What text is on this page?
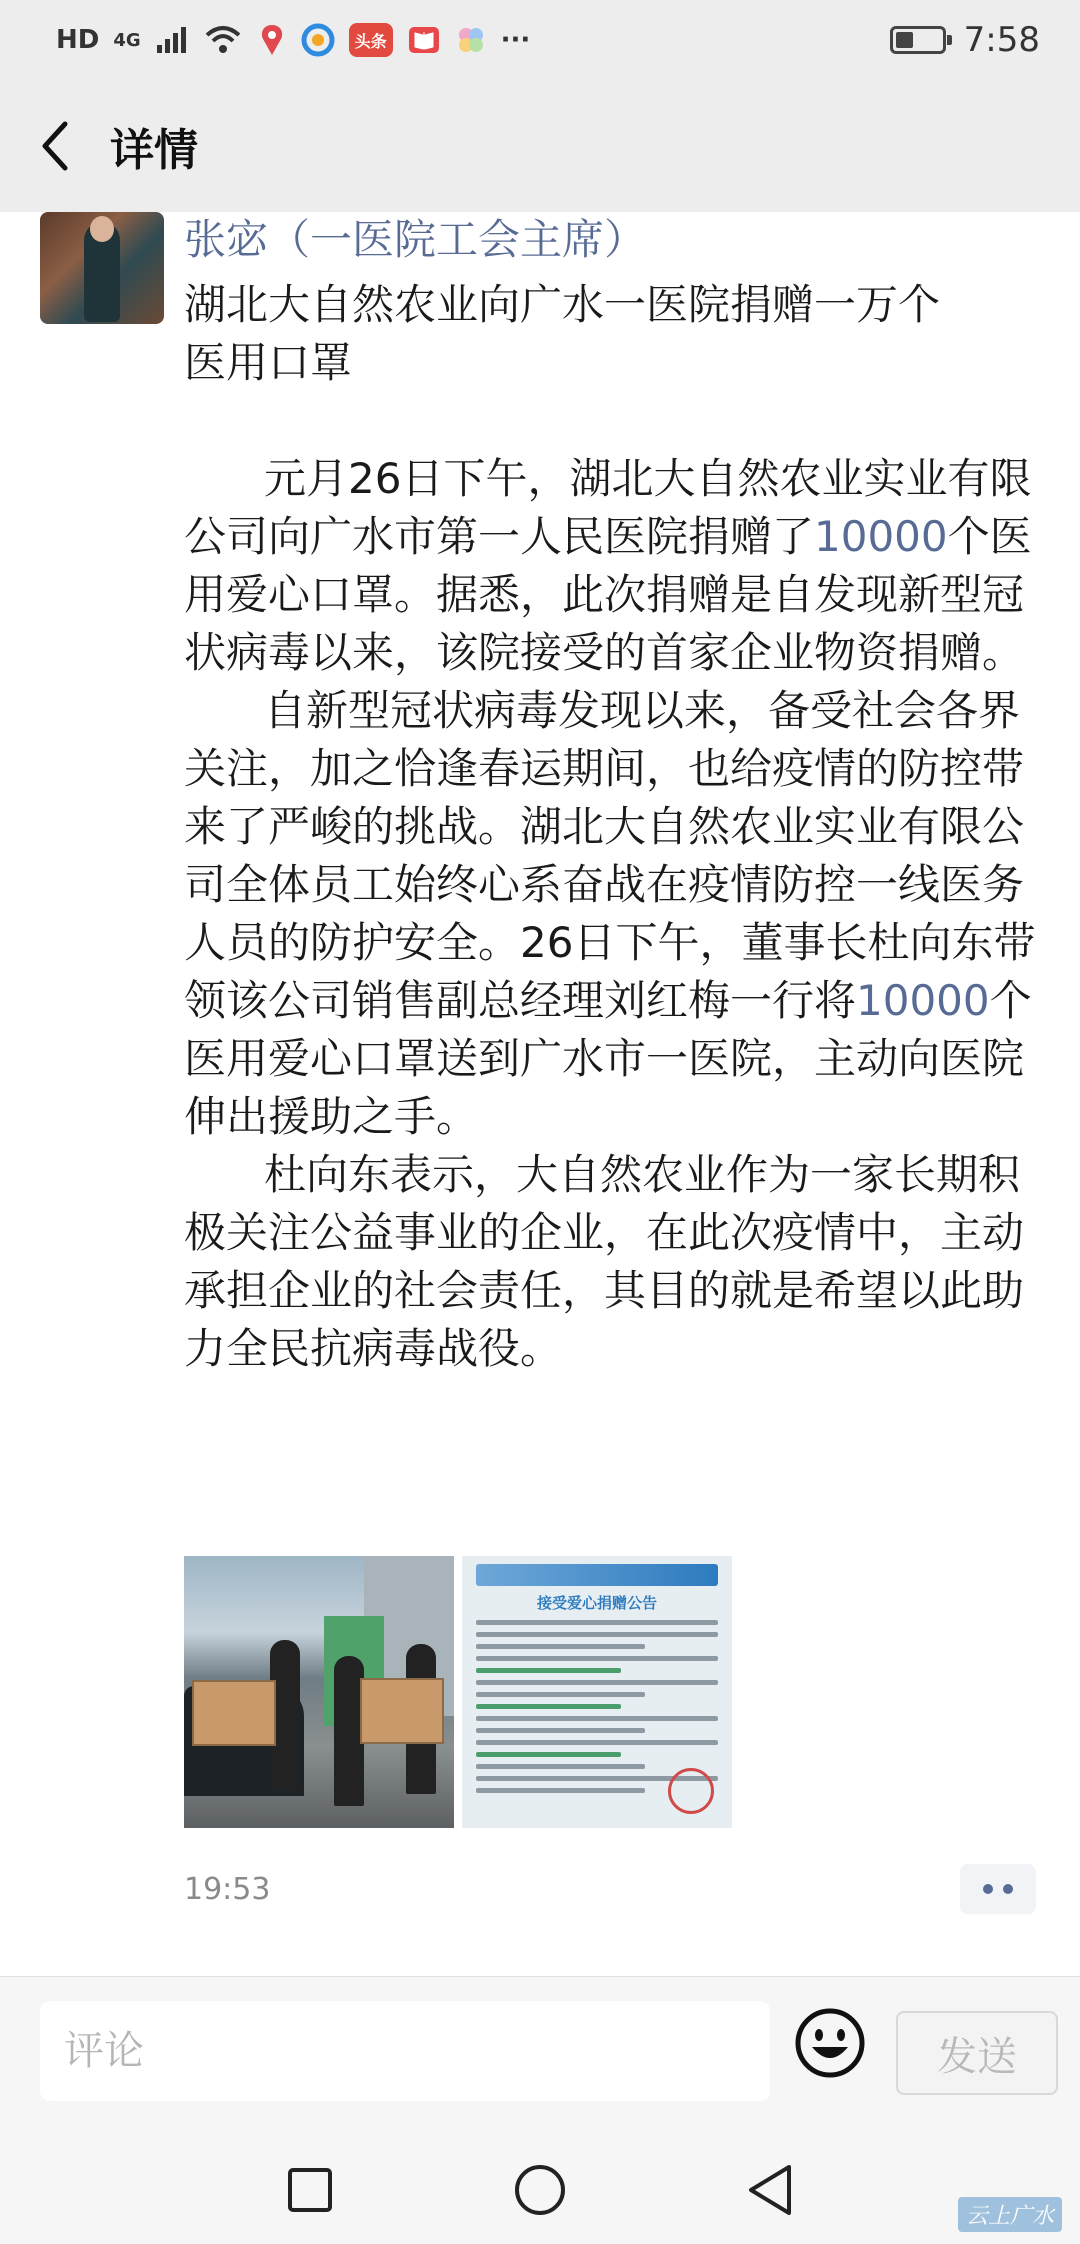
HD 4G	头条	···	7:58
详情
张宓（一医院工会主席）

湖北大自然农业向广水一医院捐赠一万个

医用口罩

元月26日下午，湖北大自然农业实业有限公司向广水市第一人民医院捐赠了10000个医用爱心口罩。据悉，此次捐赠是自发现新型冠状病毒以来，该院接受的首家企业物资捐赠。

自新型冠状病毒发现以来，备受社会各界关注，加之恰逢春运期间，也给疫情的防控带来了严峻的挑战。湖北大自然农业实业有限公司全体员工始终心系奋战在疫情防控一线医务人员的防护安全。26日下午，董事长杜向东带领该公司销售副总经理刘红梅一行将10000个医用爱心口罩送到广水市一医院，主动向医院伸出援助之手。

杜向东表示，大自然农业作为一家长期积极关注公益事业的企业，在此次疫情中，主动承担企业的社会责任，其目的就是希望以此助力全民抗病毒战役。

接受爱心捐赠公告
19:53
评论
发送
云上广水
